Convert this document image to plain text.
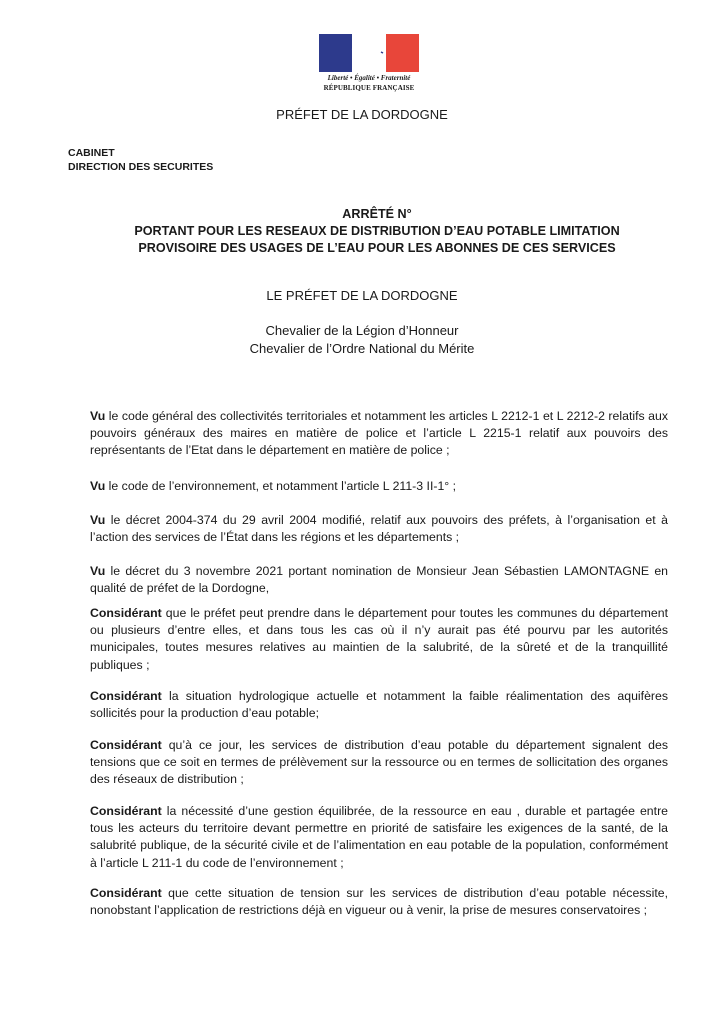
Liberté • Égalité • Fraternité
RÉPUBLIQUE FRANÇAISE
PRÉFET DE LA DORDOGNE
CABINET
DIRECTION DES SECURITES
ARRÊTÉ N°
PORTANT POUR LES RESEAUX DE DISTRIBUTION D’EAU POTABLE LIMITATION
PROVISOIRE DES USAGES DE L’EAU POUR LES ABONNES DE CES SERVICES
LE PRÉFET DE LA DORDOGNE
Chevalier de la Légion d’Honneur
Chevalier de l’Ordre National du Mérite
Vu le code général des collectivités territoriales et notamment les articles L 2212-1 et L 2212-2 relatifs aux pouvoirs généraux des maires en matière de police et l’article L 2215-1 relatif aux pouvoirs des représentants de l’Etat dans le département en matière de police ;
Vu le code de l’environnement, et notamment l’article L 211-3 II-1° ;
Vu le décret 2004-374 du 29 avril 2004 modifié, relatif aux pouvoirs des préfets, à l’organisation et à l’action des services de l’État dans les régions et les départements ;
Vu le décret du 3 novembre 2021 portant nomination de Monsieur Jean Sébastien LAMONTAGNE en qualité de préfet de la Dordogne,
Considérant que le préfet peut prendre dans le département pour toutes les communes du département ou plusieurs d’entre elles, et dans tous les cas où il n’y aurait pas été pourvu par les autorités municipales, toutes mesures relatives au maintien de la salubrité, de la sûreté et de la tranquillité publiques ;
Considérant la situation hydrologique actuelle et notamment la faible réalimentation des aquifères sollicités pour la production d’eau potable;
Considérant qu’à ce jour, les services de distribution d’eau potable du département signalent des tensions que ce soit en termes de prélèvement sur la ressource ou en termes de sollicitation des organes des réseaux de distribution ;
Considérant la nécessité d’une gestion équilibrée, de la ressource en eau , durable et partagée entre tous les acteurs du territoire devant permettre en priorité de satisfaire les exigences de la santé, de la salubrité publique, de la sécurité civile et de l’alimentation en eau potable de la population, conformément à l’article L 211-1 du code de l’environnement ;
Considérant que cette situation de tension sur les services de distribution d’eau potable nécessite, nonobstant l’application de restrictions déjà en vigueur ou à venir, la prise de mesures conservatoires ;
